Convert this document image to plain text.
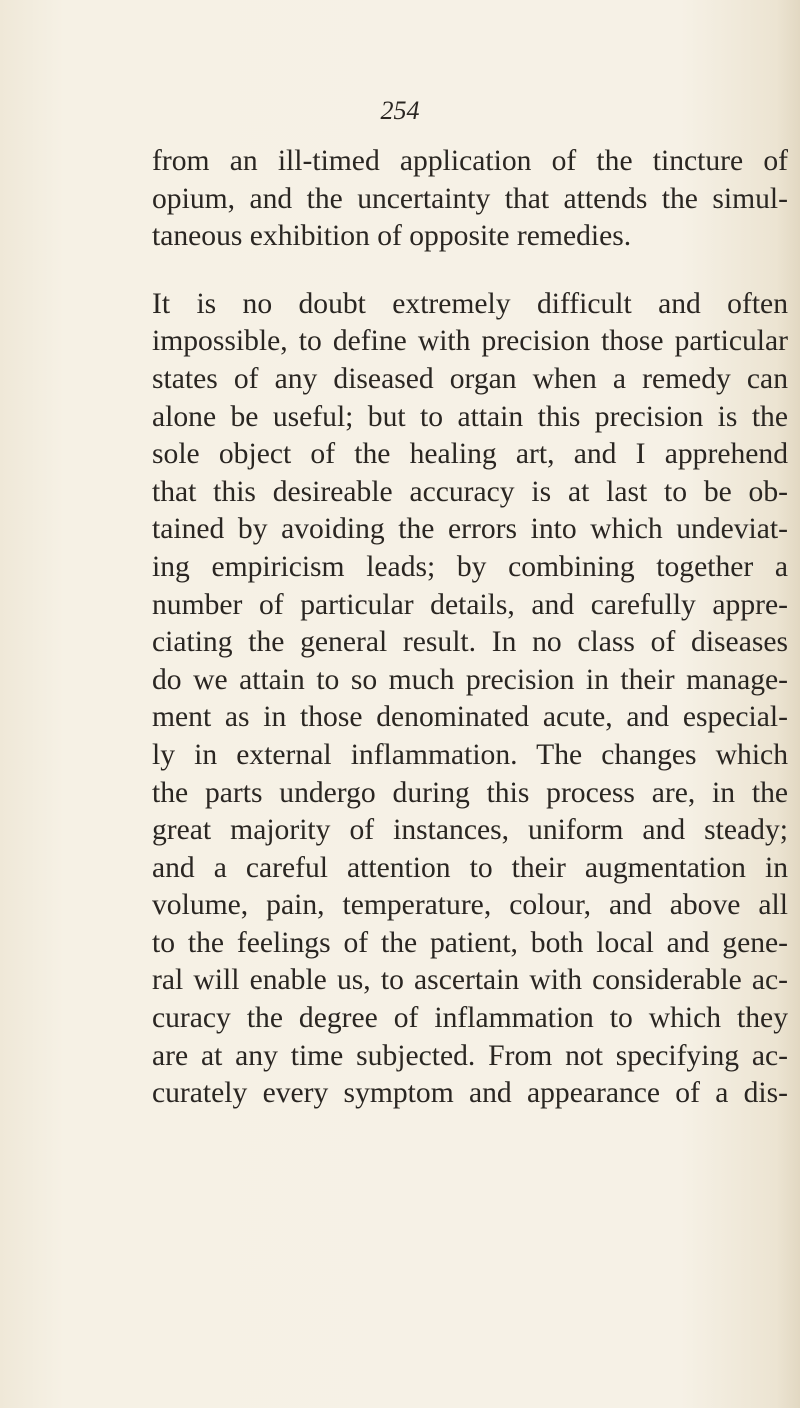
254

from an ill-timed application of the tincture of
opium, and the uncertainty that attends the simul-
taneous exhibition of opposite remedies.

It is no doubt extremely difficult and often
impossible, to define with precision those particular
states of any diseased organ when a remedy can
alone be useful; but to attain this precision is the
sole object of the healing art, and I apprehend
that this desireable accuracy is at last to be ob-
tained by avoiding the errors into which undeviat-
ing empiricism leads; by combining together a
number of particular details, and carefully appre-
ciating the general result. In no class of diseases
do we attain to so much precision in their manage-
ment as in those denominated acute, and especial-
ly in external inflammation. The changes which
the parts undergo during this process are, in the
great majority of instances, uniform and steady;
and a careful attention to their augmentation in
volume, pain, temperature, colour, and above all
to the feelings of the patient, both local and gene-
ral will enable us, to ascertain with considerable ac-
curacy the degree of inflammation to which they
are at any time subjected. From not specifying ac-
curately every symptom and appearance of a dis-
